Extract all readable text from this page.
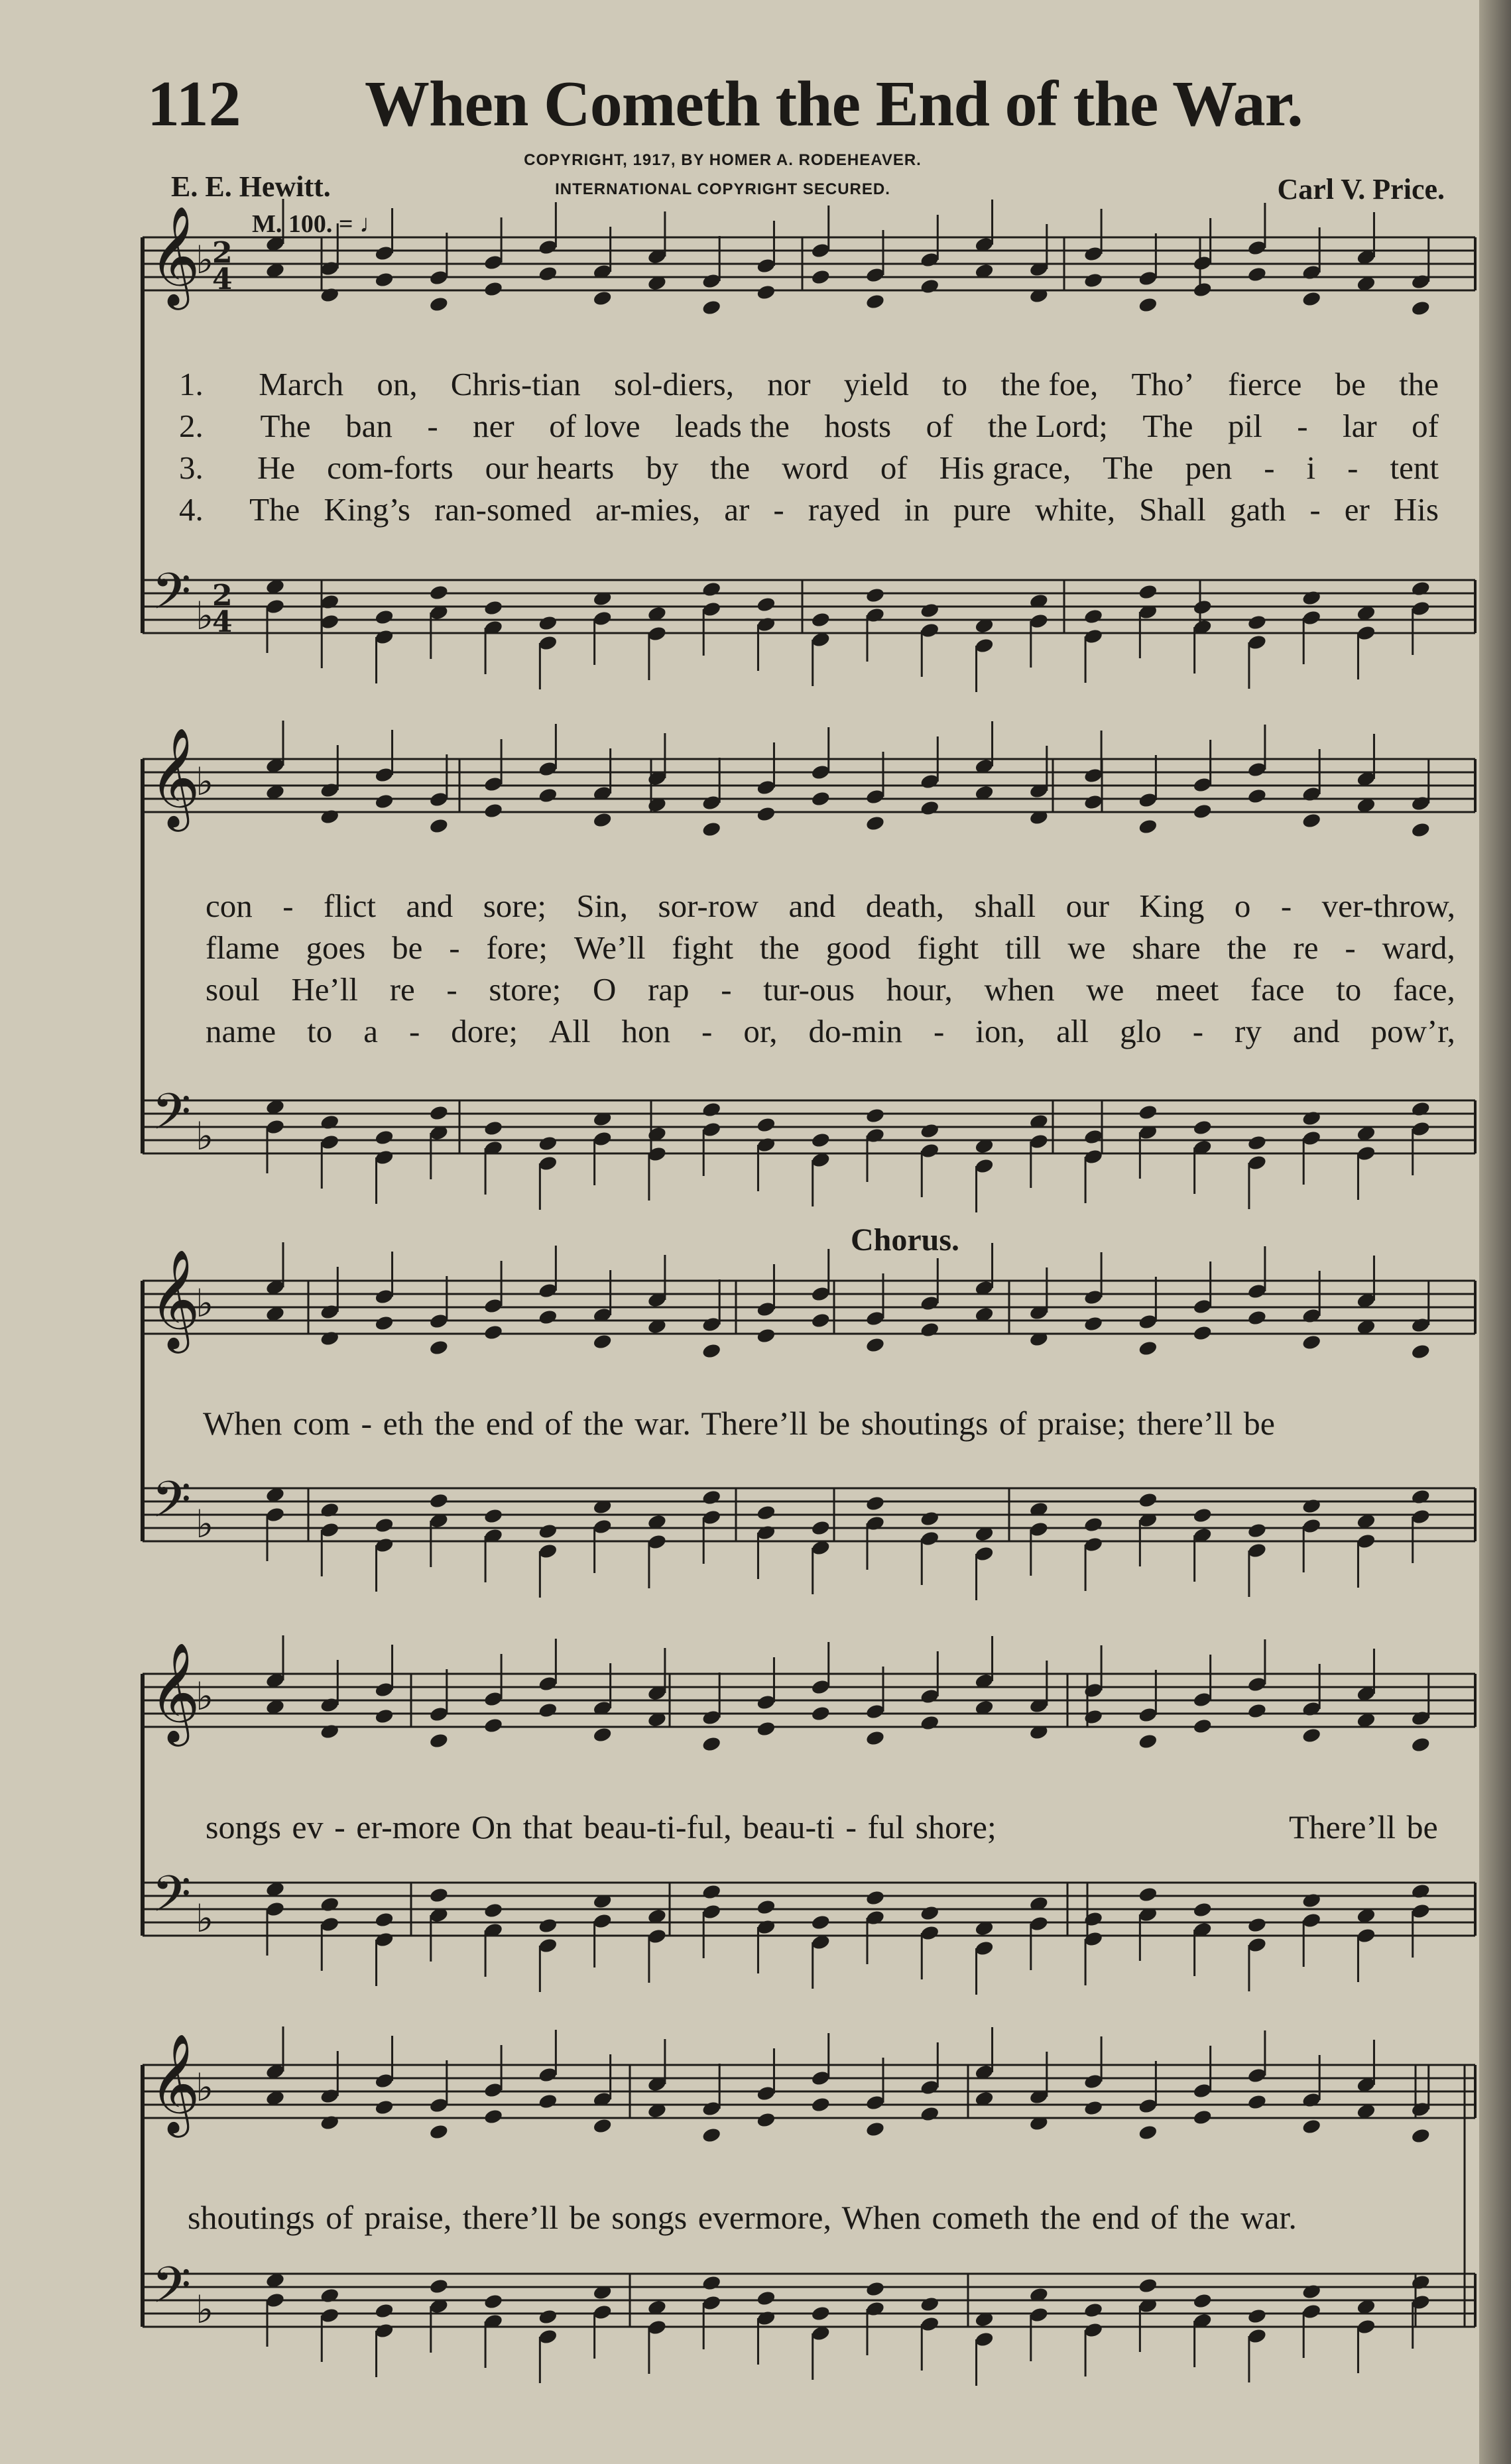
112 When Cometh the End of the War.
E. E. Hewitt.
COPYRIGHT, 1917, BY HOMER A. RODEHEAVER.
INTERNATIONAL COPYRIGHT SECURED.	Carl V. Price.
M. 100. = ♩
𝄞
𝄢
♭
♭
𝄞
𝄢
♭
♭
𝄞
𝄢
♭
♭
𝄞
𝄢
♭
♭
𝄞
𝄢
♭
♭
2
4
2
4
1.	March on, Chris-tian sol-diers, nor yield to the foe, Tho’ fierce be the
2.	The ban - ner of love leads the hosts of the Lord; The pil - lar of
3.	He com-forts our hearts by the word of His grace, The pen - i - tent
4.	The King’s ran-somed ar-mies, ar - rayed in pure white, Shall gath - er His
con - flict and sore; Sin, sor-row and death, shall our King o - ver-throw,
flame goes be - fore; We’ll fight the good fight till we share the re - ward,
soul He’ll re - store; O rap - tur-ous hour, when we meet face to face,
name to a - dore; All hon - or, do-min - ion, all glo - ry and pow’r,
Chorus.
When com - eth the end of the war. There’ll be shoutings of praise; there’ll be
songs ev - er-more On that beau-ti-ful, beau-ti - ful shore;	There’ll be
shoutings of praise, there’ll be songs evermore, When cometh the end of the war.
